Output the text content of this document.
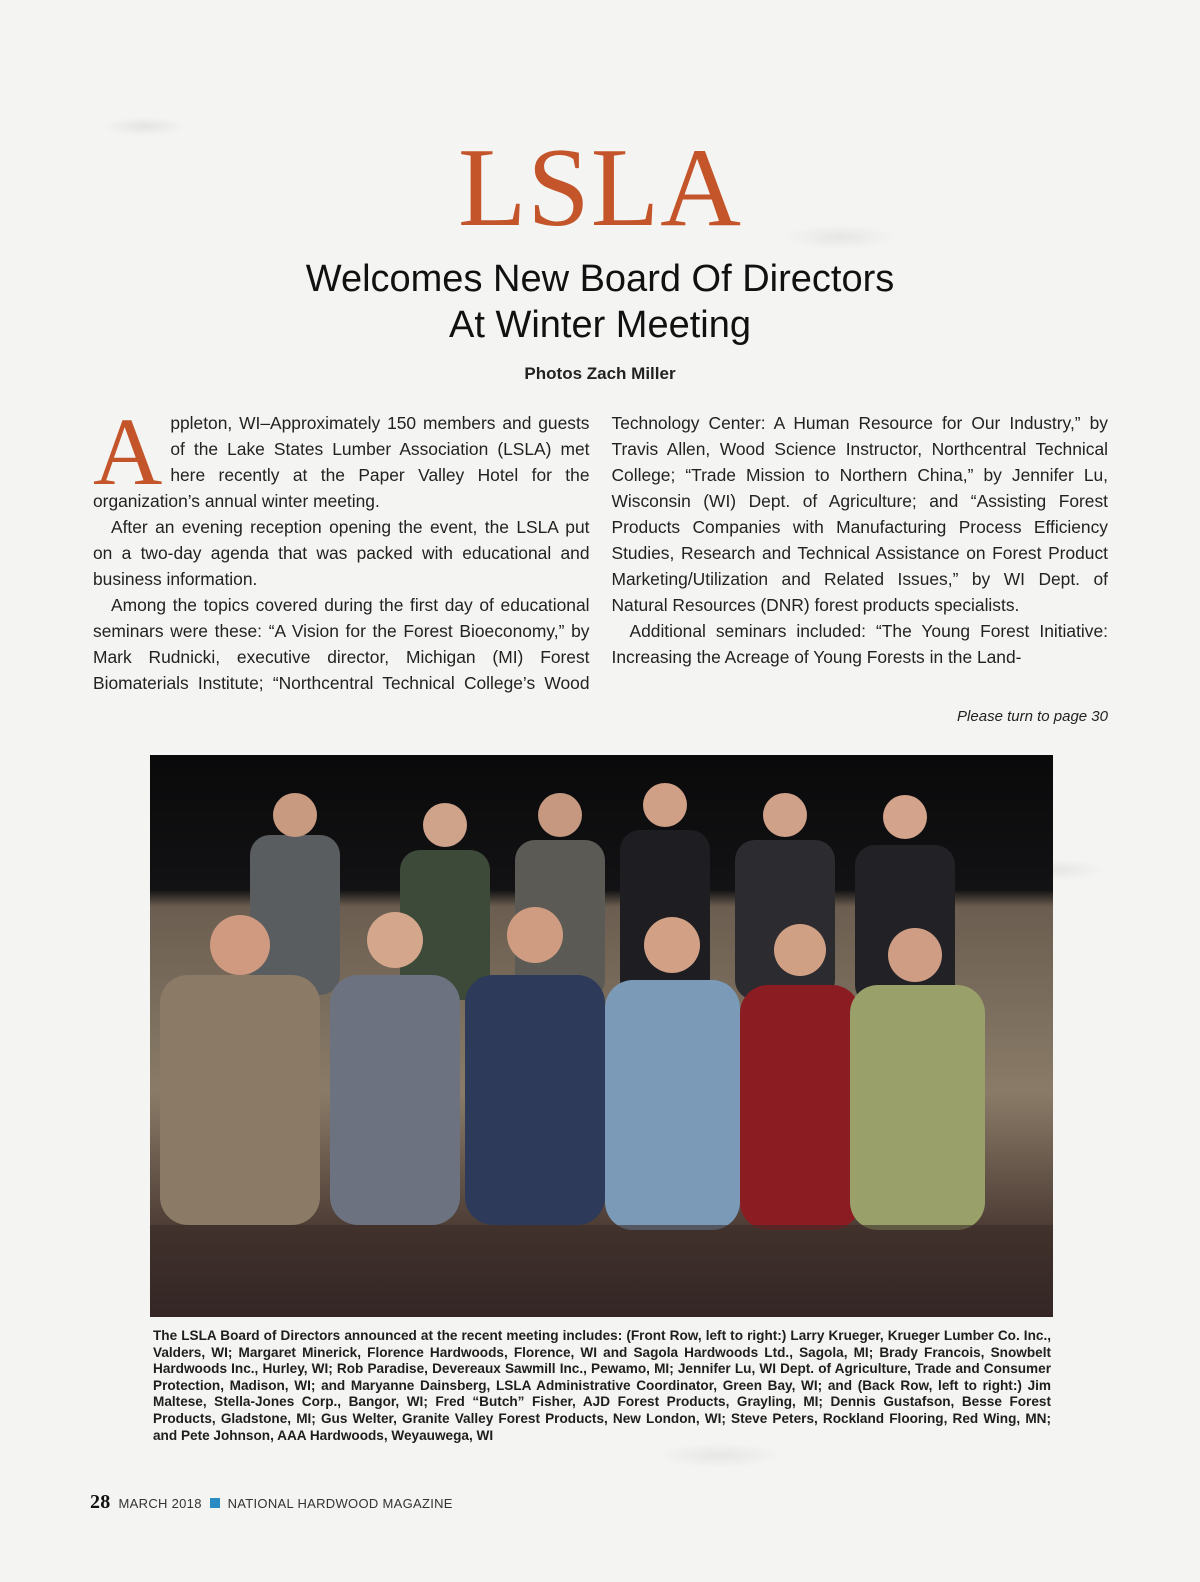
LSLA
Welcomes New Board Of Directors
At Winter Meeting
Photos Zach Miller

Appleton, WI–Approximately 150 members and guests of the Lake States Lumber Association (LSLA) met here recently at the Paper Valley Hotel for the organization’s annual winter meeting.

After an evening reception opening the event, the LSLA put on a two-day agenda that was packed with educational and business information.

Among the topics covered during the first day of educational seminars were these: “A Vision for the Forest Bioeconomy,” by Mark Rudnicki, executive director, Michigan (MI) Forest Biomaterials Institute; “Northcentral Technical College’s Wood Technology Center: A Human Resource for Our Industry,” by Travis Allen, Wood Science Instructor, Northcentral Technical College; “Trade Mission to Northern China,” by Jennifer Lu, Wisconsin (WI) Dept. of Agriculture; and “Assisting Forest Products Companies with Manufacturing Process Efficiency Studies, Research and Technical Assistance on Forest Product Marketing/Utilization and Related Issues,” by WI Dept. of Natural Resources (DNR) forest products specialists.

Additional seminars included: “The Young Forest Initiative: Increasing the Acreage of Young Forests in the Land-

Please turn to page 30
The LSLA Board of Directors announced at the recent meeting includes: (Front Row, left to right:) Larry Krueger, Krueger Lumber Co. Inc., Valders, WI; Margaret Minerick, Florence Hardwoods, Florence, WI and Sagola Hardwoods Ltd., Sagola, MI; Brady Francois, Snowbelt Hardwoods Inc., Hurley, WI; Rob Paradise, Devereaux Sawmill Inc., Pewamo, MI; Jennifer Lu, WI Dept. of Agriculture, Trade and Consumer Protection, Madison, WI; and Maryanne Dainsberg, LSLA Administrative Coordinator, Green Bay, WI; and (Back Row, left to right:) Jim Maltese, Stella-Jones Corp., Bangor, WI; Fred “Butch” Fisher, AJD Forest Products, Grayling, MI; Dennis Gustafson, Besse Forest Products, Gladstone, MI; Gus Welter, Granite Valley Forest Products, New London, WI; Steve Peters, Rockland Flooring, Red Wing, MN; and Pete Johnson, AAA Hardwoods, Weyauwega, WI
28 MARCH 2018 NATIONAL HARDWOOD MAGAZINE
